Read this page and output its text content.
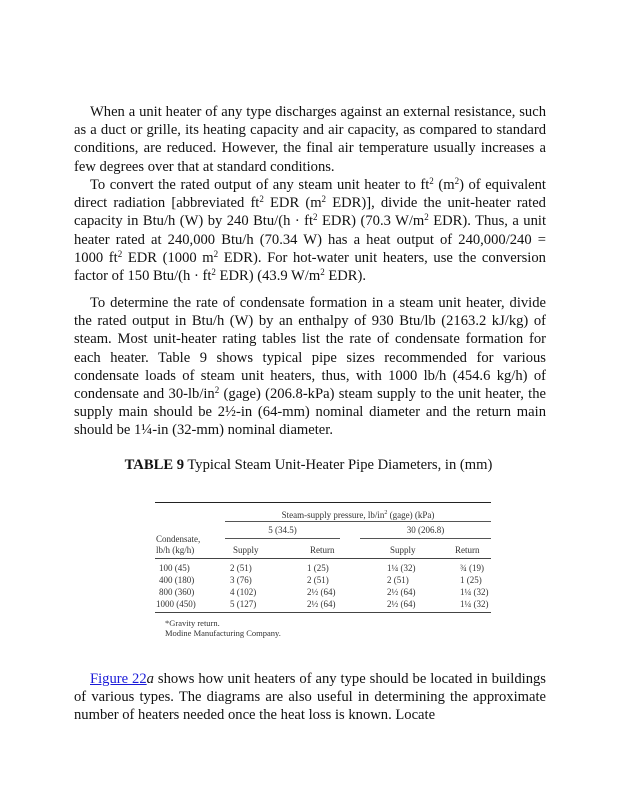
When a unit heater of any type discharges against an external resistance, such as a duct or grille, its heating capacity and air capacity, as compared to standard conditions, are reduced. However, the final air temperature usually increases a few degrees over that at standard conditions.

To convert the rated output of any steam unit heater to $ft^2$ $(m^2)$ of equivalent direct radiation [abbreviated $ft^2$ EDR ($m^2$ EDR)], divide the unit-heater rated capacity in Btu/h (W) by 240 $Btu/(h \cdot ft^2$ EDR) (70.3 $W/m^2$ EDR). Thus, a unit heater rated at 240,000 Btu/h (70.34 W) has a heat output of 240,000/240 = 1000 $ft^2$ EDR (1000 $m^2$ EDR). For hot-water unit heaters, use the conversion factor of 150 $Btu/(h \cdot ft^2$ EDR) (43.9 $W/m^2$ EDR).

To determine the rate of condensate formation in a steam unit heater, divide the rated output in Btu/h (W) by an enthalpy of 930 Btu/lb (2163.2 kJ/kg) of steam. Most unit-heater rating tables list the rate of condensate formation for each heater. Table 9 shows typical pipe sizes recommended for various condensate loads of steam unit heaters, thus, with 1000 lb/h (454.6 kg/h) of condensate and $30-lb/in^2$ (gage) (206.8-kPa) steam supply to the unit heater, the supply main should be 2½-in (64-mm) nominal diameter and the return main should be 1¼-in (32-mm) nominal diameter.

TABLE 9 Typical Steam Unit-Heater Pipe Diameters, in (mm)
Steam-supply pressure, $lb/in^2$ (gage) (kPa)
5 (34.5)	30 (206.8)
Condensate,
lb/h (kg/h)	Supply	Return	Supply	Return
100 (45)	2 (51)	1 (25)	1¼ (32)	¾ (19)
400 (180)	3 (76)	2 (51)	2 (51)	1 (25)
800 (360)	4 (102)	2½ (64)	2½ (64)	1¼ (32)
1000 (450)	5 (127)	2½ (64)	2½ (64)	1¼ (32)
*Gravity return.
Modine Manufacturing Company.

Figure 22a shows how unit heaters of any type should be located in buildings of various types. The diagrams are also useful in determining the approximate number of heaters needed once the heat loss is known. Locate
